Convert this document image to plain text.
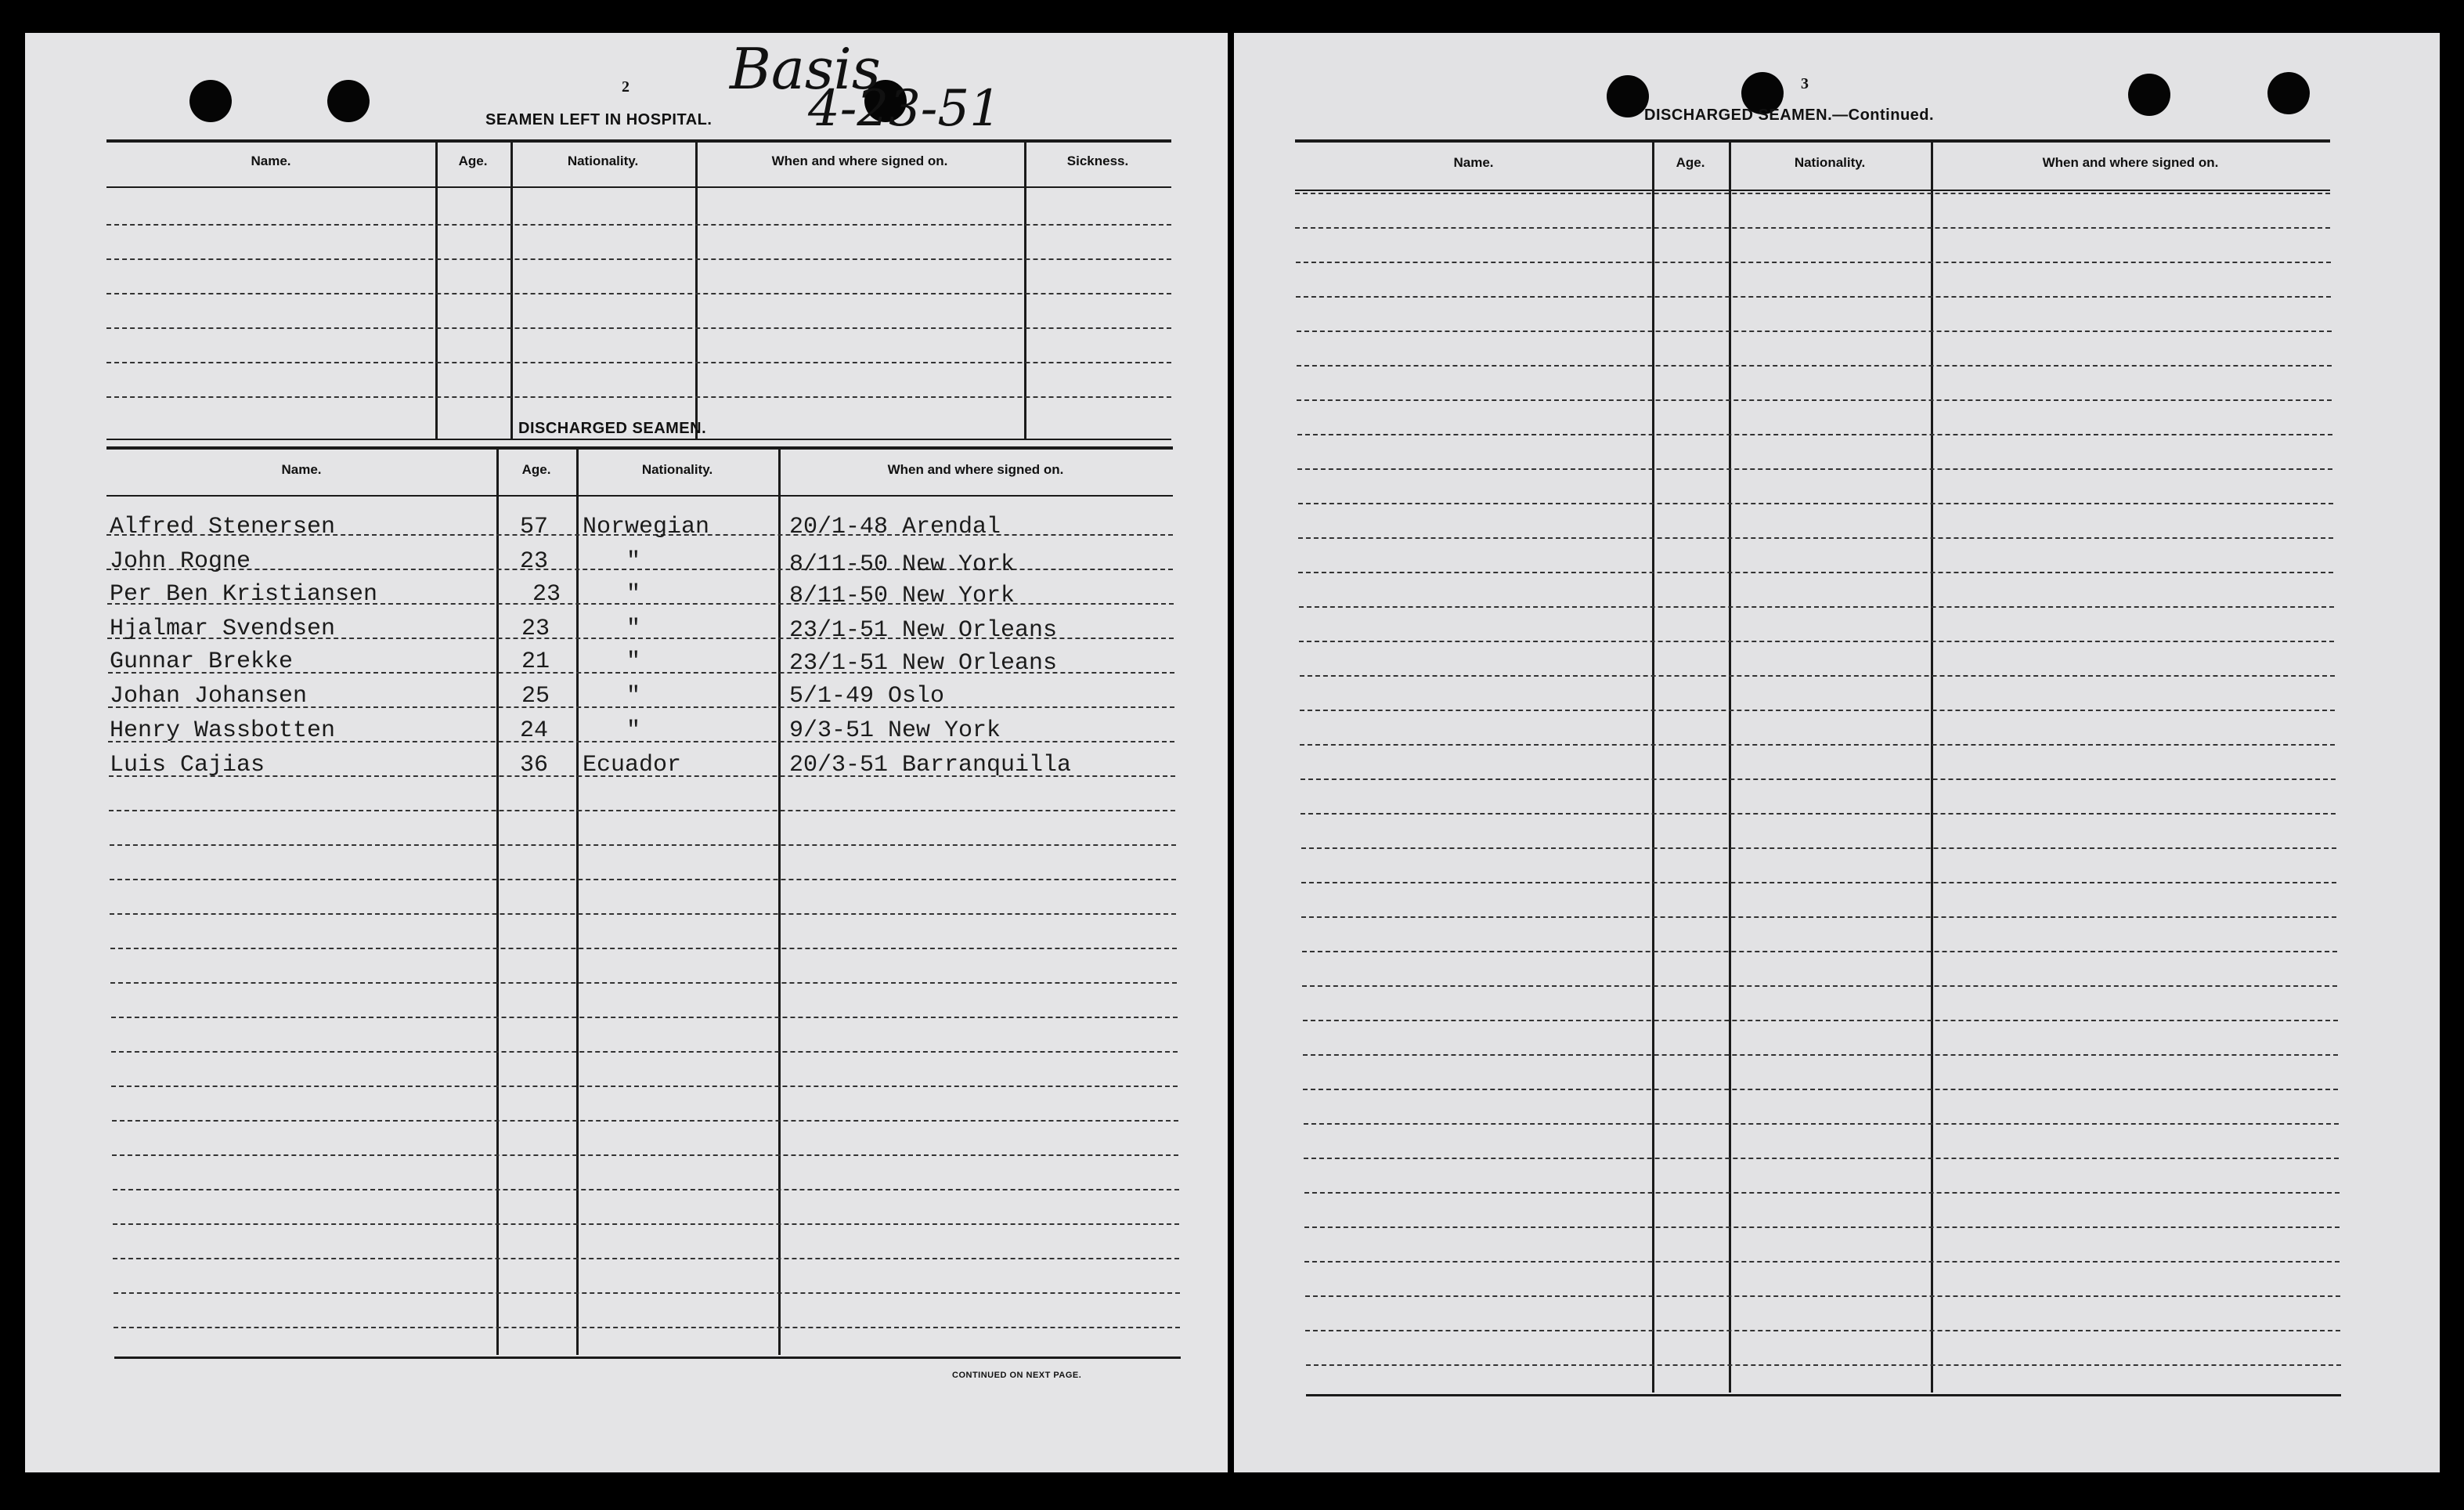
2 Basis
4-23-51
SEAMEN LEFT IN HOSPITAL.
Name.	Age.	Nationality.	When and where signed on.	Sickness.
DISCHARGED SEAMEN.
Name.	Age.	Nationality.	When and where signed on.
Alfred Stenersen	57 Norwegian	20/1-48 Arendal
John Rogne	23	"	8/11-50 New York
Per Ben Kristiansen	23	"	8/11-50 New York
Hjalmar Svendsen	23	"	23/1-51 New Orleans
Gunnar Brekke	21	"	23/1-51 New Orleans
Johan Johansen	25	"	5/1-49 Oslo
Henry Wassbotten	24	"	9/3-51 New York
Luis Cajias	36 Ecuador	20/3-51 Barranquilla
CONTINUED ON NEXT PAGE.
3
DISCHARGED SEAMEN.—Continued.
Name.	Age.	Nationality.	When and where signed on.
